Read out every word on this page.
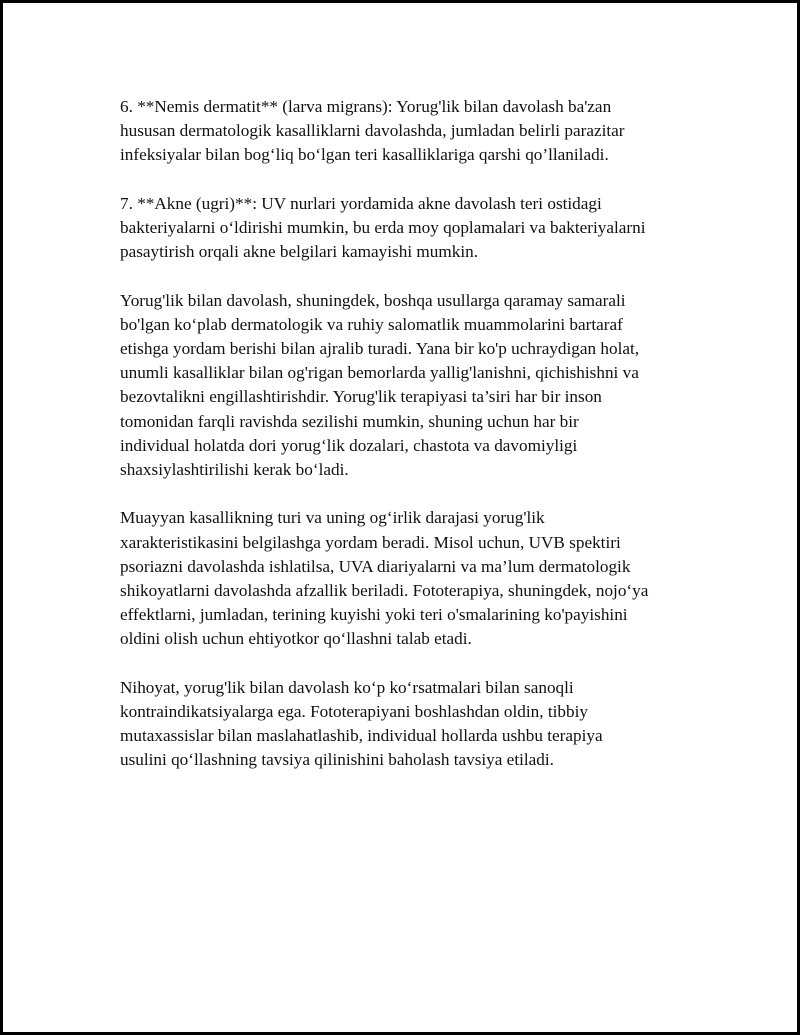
6. **Nemis dermatit** (larva migrans): Yorug'lik bilan davolash ba'zan
hususan dermatologik kasalliklarni davolashda, jumladan belirli parazitar
infeksiyalar bilan bog‘liq bo‘lgan teri kasalliklariga qarshi qo’llaniladi.

7. **Akne (ugri)**: UV nurlari yordamida akne davolash teri ostidagi
bakteriyalarni o‘ldirishi mumkin, bu erda moy qoplamalari va bakteriyalarni
pasaytirish orqali akne belgilari kamayishi mumkin.

Yorug'lik bilan davolash, shuningdek, boshqa usullarga qaramay samarali
bo'lgan ko‘plab dermatologik va ruhiy salomatlik muammolarini bartaraf
etishga yordam berishi bilan ajralib turadi. Yana bir ko'p uchraydigan holat,
unumli kasalliklar bilan og'rigan bemorlarda yallig'lanishni, qichishishni va
bezovtalikni engillashtirishdir. Yorug'lik terapiyasi ta’siri har bir inson
tomonidan farqli ravishda sezilishi mumkin, shuning uchun har bir
individual holatda dori yorug‘lik dozalari, chastota va davomiyligi
shaxsiylashtirilishi kerak bo‘ladi.

Muayyan kasallikning turi va uning og‘irlik darajasi yorug'lik
xarakteristikasini belgilashga yordam beradi. Misol uchun, UVB spektiri
psoriazni davolashda ishlatilsa, UVA diariyalarni va ma’lum dermatologik
shikoyatlarni davolashda afzallik beriladi. Fototerapiya, shuningdek, nojo‘ya
effektlarni, jumladan, terining kuyishi yoki teri o'smalarining ko'payishini
oldini olish uchun ehtiyotkor qo‘llashni talab etadi.

Nihoyat, yorug'lik bilan davolash ko‘p ko‘rsatmalari bilan sanoqli
kontraindikatsiyalarga ega. Fototerapiyani boshlashdan oldin, tibbiy
mutaxassislar bilan maslahatlashib, individual hollarda ushbu terapiya
usulini qo‘llashning tavsiya qilinishini baholash tavsiya etiladi.
